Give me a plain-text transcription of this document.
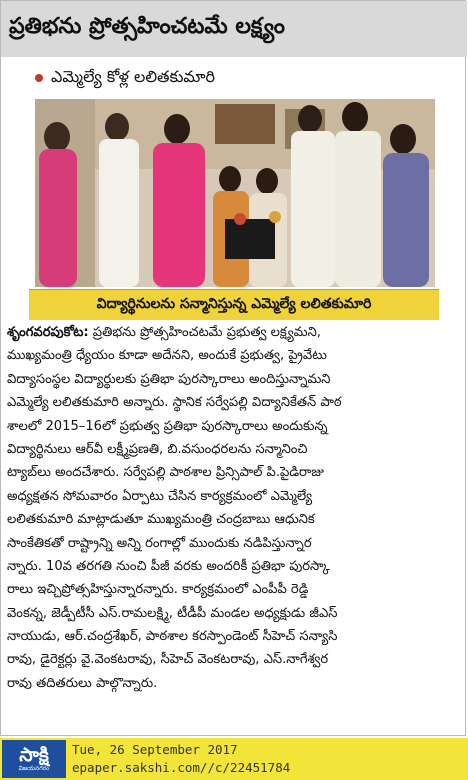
ప్రతిభను ప్రోత్సహించటమే లక్ష్యం
ఎమ్మెల్యే కోళ్ల లలితకుమారి
విద్యార్థినులను సన్మానిస్తున్న ఎమ్మెల్యే లలితకుమారి
శృంగవరపుకోట: ప్రతిభను ప్రోత్సహించటమే ప్రభుత్వ లక్ష్యమని,
ముఖ్యమంత్రి ధ్యేయం కూడా అదేనని, అందుకే ప్రభుత్వ, ప్రైవేటు
విద్యాసంస్థల విద్యార్థులకు ప్రతిభా పురస్కారాలు అందిస్తున్నామని
ఎమ్మెల్యే లలితకుమారి అన్నారు. స్థానిక సర్వేపల్లి విద్యానికేతన్ పాఠ
శాలలో 2015–16లో ప్రభుత్వ ప్రతిభా పురస్కారాలు అందుకున్న
విద్యార్థినులు ఆర్‌వీ లక్ష్మీప్రణతి, బి.వసుంధరలను సన్మానించి
ట్యాబ్‌లు అందచేశారు. సర్వేపల్లి పాఠశాల ప్రిన్సిపాల్ పి.పైడిరాజు
అధ్యక్షతన సోమవారం ఏర్పాటు చేసిన కార్యక్రమంలో ఎమ్మెల్యే
లలితకుమారి మాట్లాడుతూ ముఖ్యమంత్రి చంద్రబాబు ఆధునిక
సాంకేతికతో రాష్ట్రాన్ని అన్ని రంగాల్లో ముందుకు నడిపిస్తున్నార
న్నారు. 10వ తరగతి నుంచి పీజీ వరకు అందరికీ ప్రతిభా పురస్కా
రాలు ఇచ్చిప్రోత్సహిస్తున్నారన్నారు. కార్యక్రమంలో ఎంపీపీ రెడ్డి
వెంకన్న, జెడ్పీటీసీ ఎస్.రామలక్ష్మి, టీడీపీ మండల అధ్యక్షుడు జీఎస్
నాయుడు, ఆర్.చంద్రశేఖర్, పాఠశాల కరస్పాండెంట్ సీహెచ్ సన్యాసి
రావు, డైరెక్టర్లు వై.వెంకటరావు, సీహెచ్ వెంకటరావు, ఎస్.నాగేశ్వర
రావు తదితరులు పాల్గొన్నారు.
సాక్షి
విజయనగరం
Tue, 26 September 2017
epaper.sakshi.com//c/22451784
